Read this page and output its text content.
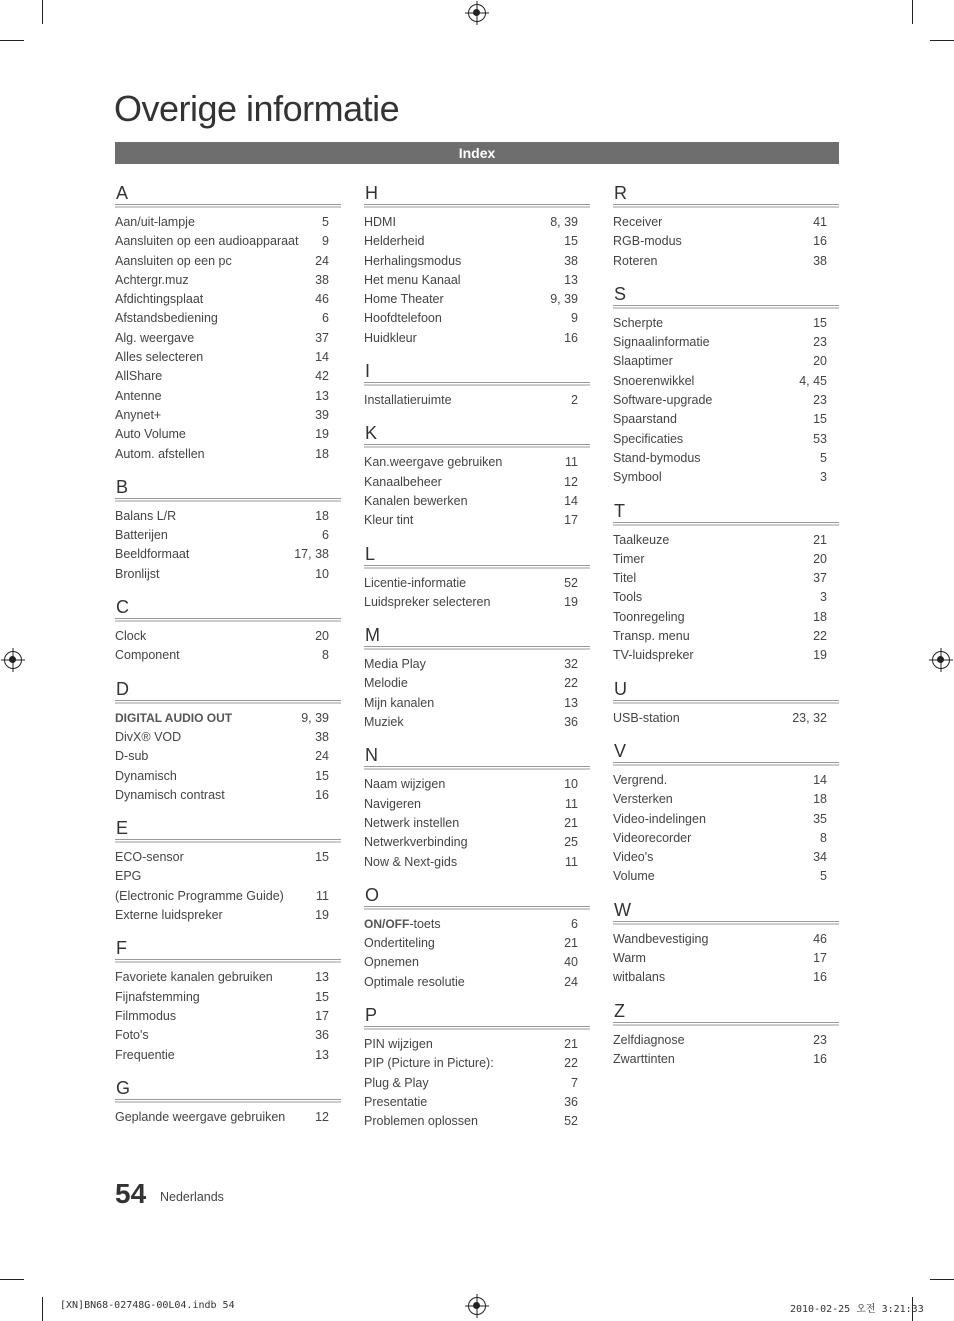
Overige informatie
Index
A
Aan/uit-lampje	5
Aansluiten op een audioapparaat 9
Aansluiten op een pc	24
Achtergr.muz	38
Afdichtingsplaat	46
Afstandsbediening	6
Alg. weergave	37
Alles selecteren	14
AllShare	42
Antenne	13
Anynet+	39
Auto Volume	19
Autom. afstellen	18
B
Balans L/R	18
Batterijen	6
Beeldformaat	17, 38
Bronlijst	10
C
Clock	20
Component	8
D
DIGITAL AUDIO OUT	9, 39
DivX® VOD	38
D-sub	24
Dynamisch	15
Dynamisch contrast	16
E
ECO-sensor	15
EPG
(Electronic Programme Guide)	11
Externe luidspreker	19
F
Favoriete kanalen gebruiken	13
Fijnafstemming	15
Filmmodus	17
Foto's	36
Frequentie	13
G
Geplande weergave gebruiken 12
H
HDMI	8, 39
Helderheid	15
Herhalingsmodus	38
Het menu Kanaal	13
Home Theater	9, 39
Hoofdtelefoon	9
Huidkleur	16
I
Installatieruimte	2
K
Kan.weergave gebruiken	11
Kanaalbeheer	12
Kanalen bewerken	14
Kleur tint	17
L
Licentie-informatie	52
Luidspreker selecteren	19
M
Media Play	32
Melodie	22
Mijn kanalen	13
Muziek	36
N
Naam wijzigen	10
Navigeren	11
Netwerk instellen	21
Netwerkverbinding	25
Now & Next-gids	11
O
ON/OFF-toets	6
Ondertiteling	21
Opnemen	40
Optimale resolutie	24
P
PIN wijzigen	21
PIP (Picture in Picture):	22
Plug & Play	7
Presentatie	36
Problemen oplossen	52
R
Receiver	41
RGB-modus	16
Roteren	38
S
Scherpte	15
Signaalinformatie	23
Slaaptimer	20
Snoerenwikkel	4, 45
Software-upgrade	23
Spaarstand	15
Specificaties	53
Stand-bymodus	5
Symbool	3
T
Taalkeuze	21
Timer	20
Titel	37
Tools	3
Toonregeling	18
Transp. menu	22
TV-luidspreker	19
U
USB-station	23, 32
V
Vergrend.	14
Versterken	18
Video-indelingen	35
Videorecorder	8
Video's	34
Volume	5
W
Wandbevestiging	46
Warm	17
witbalans	16
Z
Zelfdiagnose	23
Zwarttinten	16
54 Nederlands
[XN]BN68-02748G-00L04.indb 54	2010-02-25 오전 3:21:33
